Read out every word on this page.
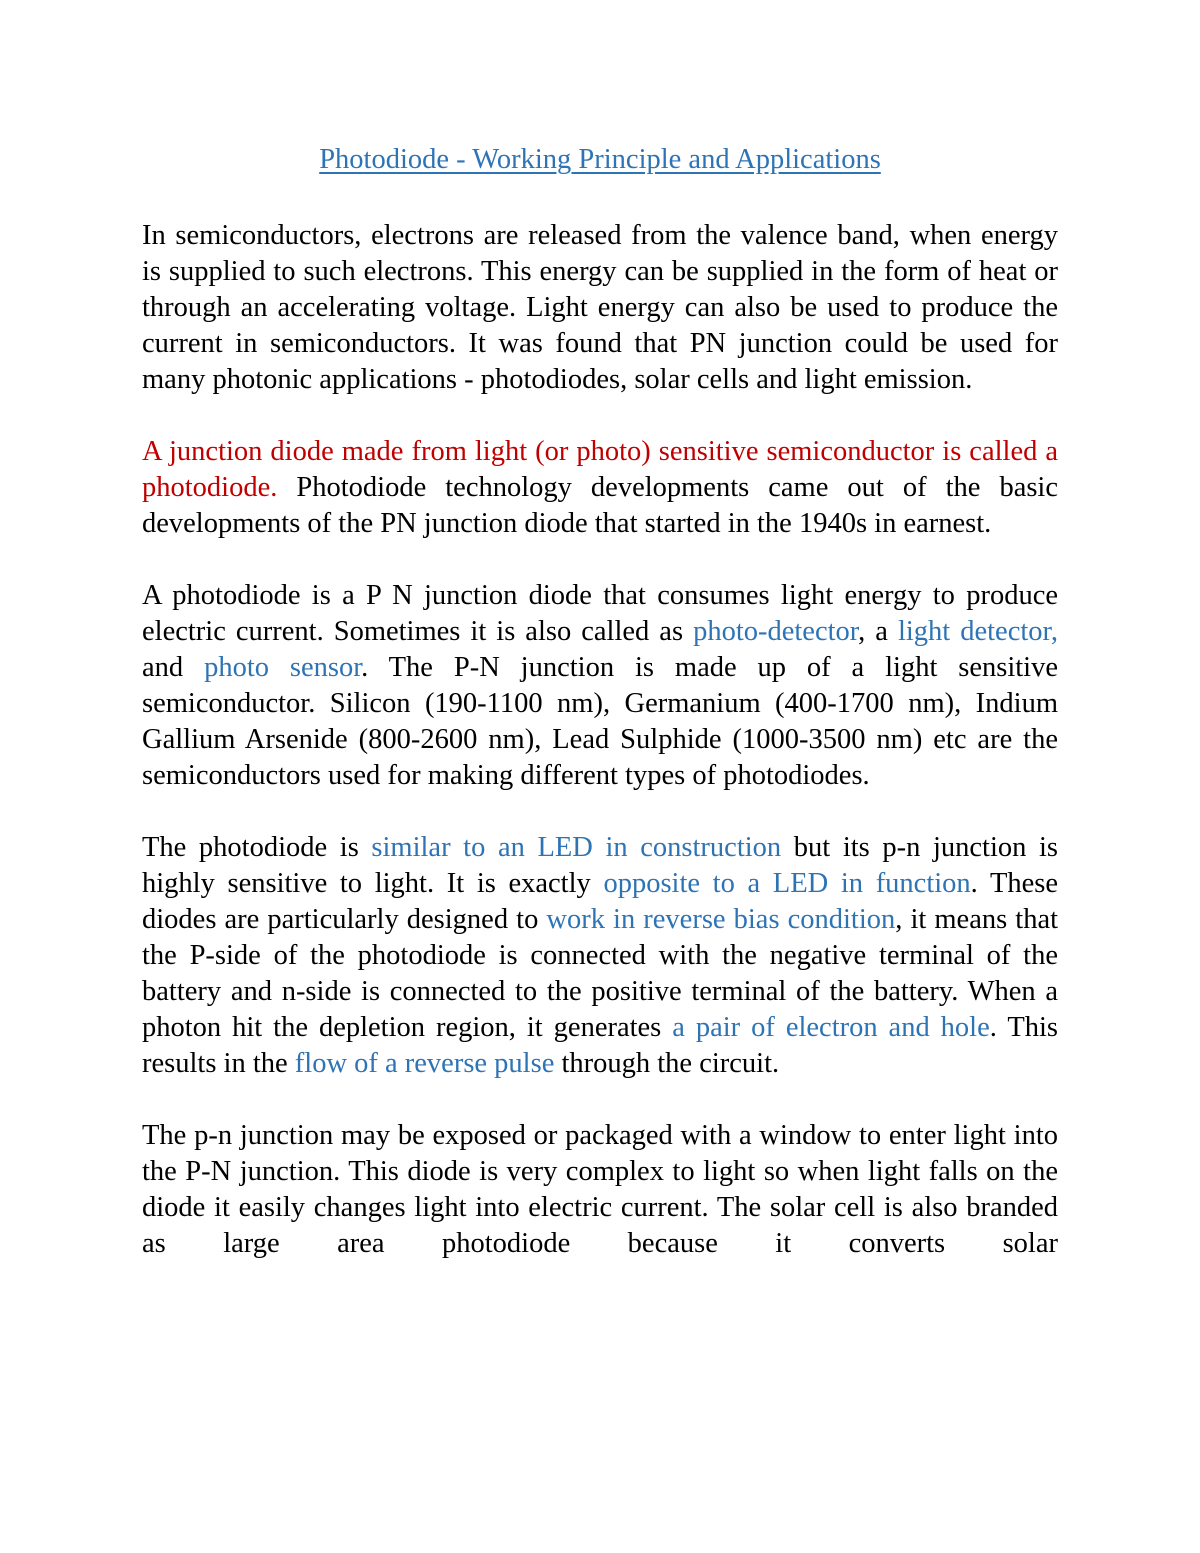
Photodiode - Working Principle and Applications

In semiconductors, electrons are released from the valence band, when energy is supplied to such electrons. This energy can be supplied in the form of heat or through an accelerating voltage. Light energy can also be used to produce the current in semiconductors. It was found that PN junction could be used for many photonic applications - photodiodes, solar cells and light emission.

A junction diode made from light (or photo) sensitive semiconductor is called a photodiode. Photodiode technology developments came out of the basic developments of the PN junction diode that started in the 1940s in earnest.

A photodiode is a P N junction diode that consumes light energy to produce electric current. Sometimes it is also called as photo-detector, a light detector, and photo sensor. The P-N junction is made up of a light sensitive semiconductor. Silicon (190-1100 nm), Germanium (400-1700 nm), Indium Gallium Arsenide (800-2600 nm), Lead Sulphide (1000-3500 nm) etc are the semiconductors used for making different types of photodiodes.

The photodiode is similar to an LED in construction but its p-n junction is highly sensitive to light. It is exactly opposite to a LED in function. These diodes are particularly designed to work in reverse bias condition, it means that the P-side of the photodiode is connected with the negative terminal of the battery and n-side is connected to the positive terminal of the battery. When a photon hit the depletion region, it generates a pair of electron and hole. This results in the flow of a reverse pulse through the circuit.

The p-n junction may be exposed or packaged with a window to enter light into the P-N junction. This diode is very complex to light so when light falls on the diode it easily changes light into electric current. The solar cell is also branded as large area photodiode because it converts solar
